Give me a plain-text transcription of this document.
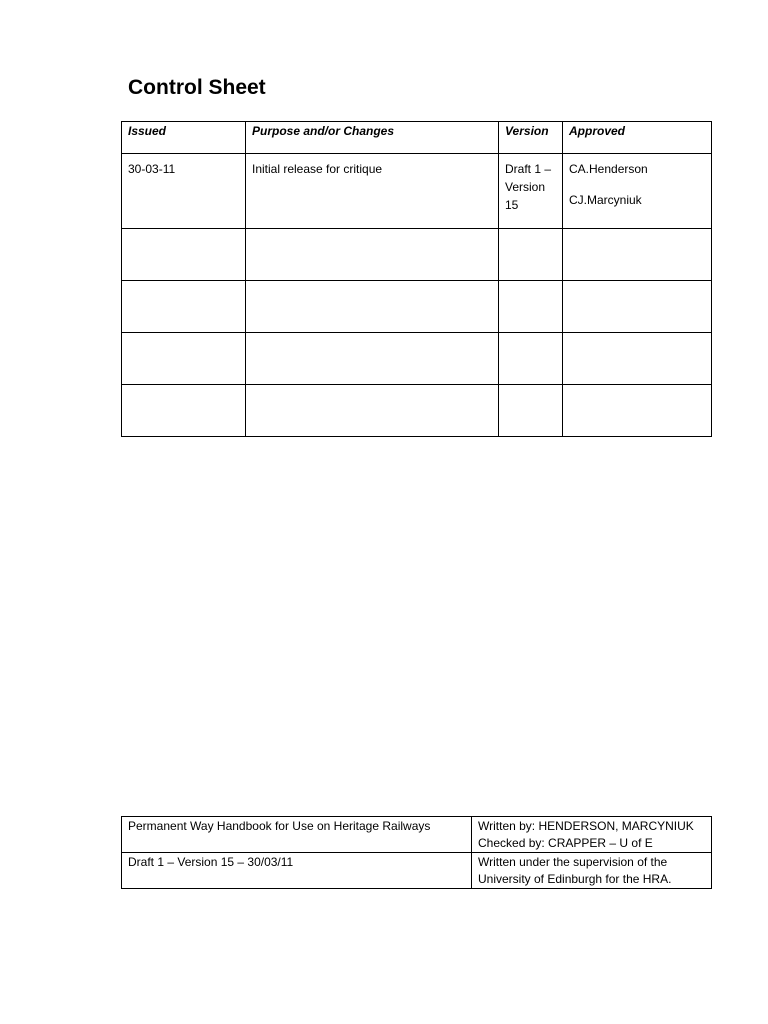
Control Sheet
Issued	Purpose and/or Changes	Version	Approved
30-03-11	Initial release for critique	Draft 1 – Version 15	CA.Henderson
CJ.Marcyniuk

Permanent Way Handbook for Use on Heritage Railways	Written by: HENDERSON, MARCYNIUK
Checked by: CRAPPER – U of E

Draft 1 – Version 15 – 30/03/11	Written under the supervision of the
University of Edinburgh for the HRA.
